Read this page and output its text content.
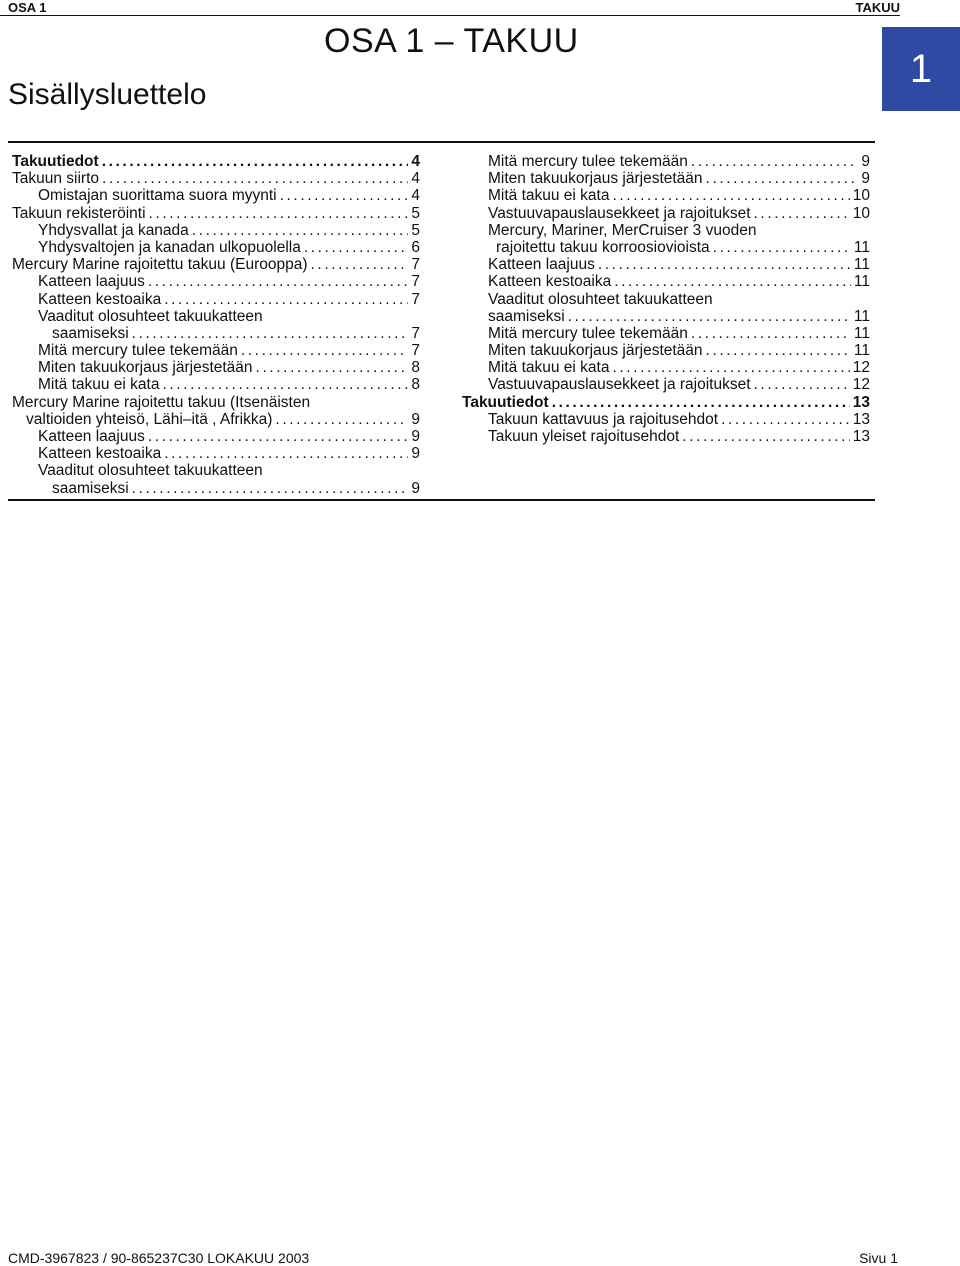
OSA 1	TAKUU
OSA 1 – TAKUU
Sisällysluettelo
1
Takuutiedot .....	4
Takuun siirto .....	4
Omistajan suorittama suora myynti .....	4
Takuun rekisteröinti .....	5
Yhdysvallat ja kanada .....	5
Yhdysvaltojen ja kanadan ulkopuolella .....	6
Mercury Marine rajoitettu takuu (Eurooppa) .....	7
Katteen laajuus .....	7
Katteen kestoaika .....	7
Vaaditut olosuhteet takuukatteen
saamiseksi .....	7
Mitä mercury tulee tekemään .....	7
Miten takuukorjaus järjestetään .....	8
Mitä takuu ei kata .....	8
Mercury Marine rajoitettu takuu (Itsenäisten
valtioiden yhteisö, Lähi–itä , Afrikka) .....	9
Katteen laajuus .....	9
Katteen kestoaika .....	9
Vaaditut olosuhteet takuukatteen
saamiseksi .....	9
Mitä mercury tulee tekemään .....	9
Miten takuukorjaus järjestetään .....	9
Mitä takuu ei kata .....	10
Vastuuvapauslausekkeet ja rajoitukset .....	10
Mercury, Mariner, MerCruiser 3 vuoden
rajoitettu takuu korroosiovioista .....	11
Katteen laajuus .....	11
Katteen kestoaika .....	11
Vaaditut olosuhteet takuukatteen
saamiseksi .....	11
Mitä mercury tulee tekemään .....	11
Miten takuukorjaus järjestetään .....	11
Mitä takuu ei kata .....	12
Vastuuvapauslausekkeet ja rajoitukset .....	12
Takuutiedot .....	13
Takuun kattavuus ja rajoitusehdot .....	13
Takuun yleiset rajoitusehdot .....	13
CMD-3967823 / 90-865237C30 LOKAKUU 2003	Sivu 1
